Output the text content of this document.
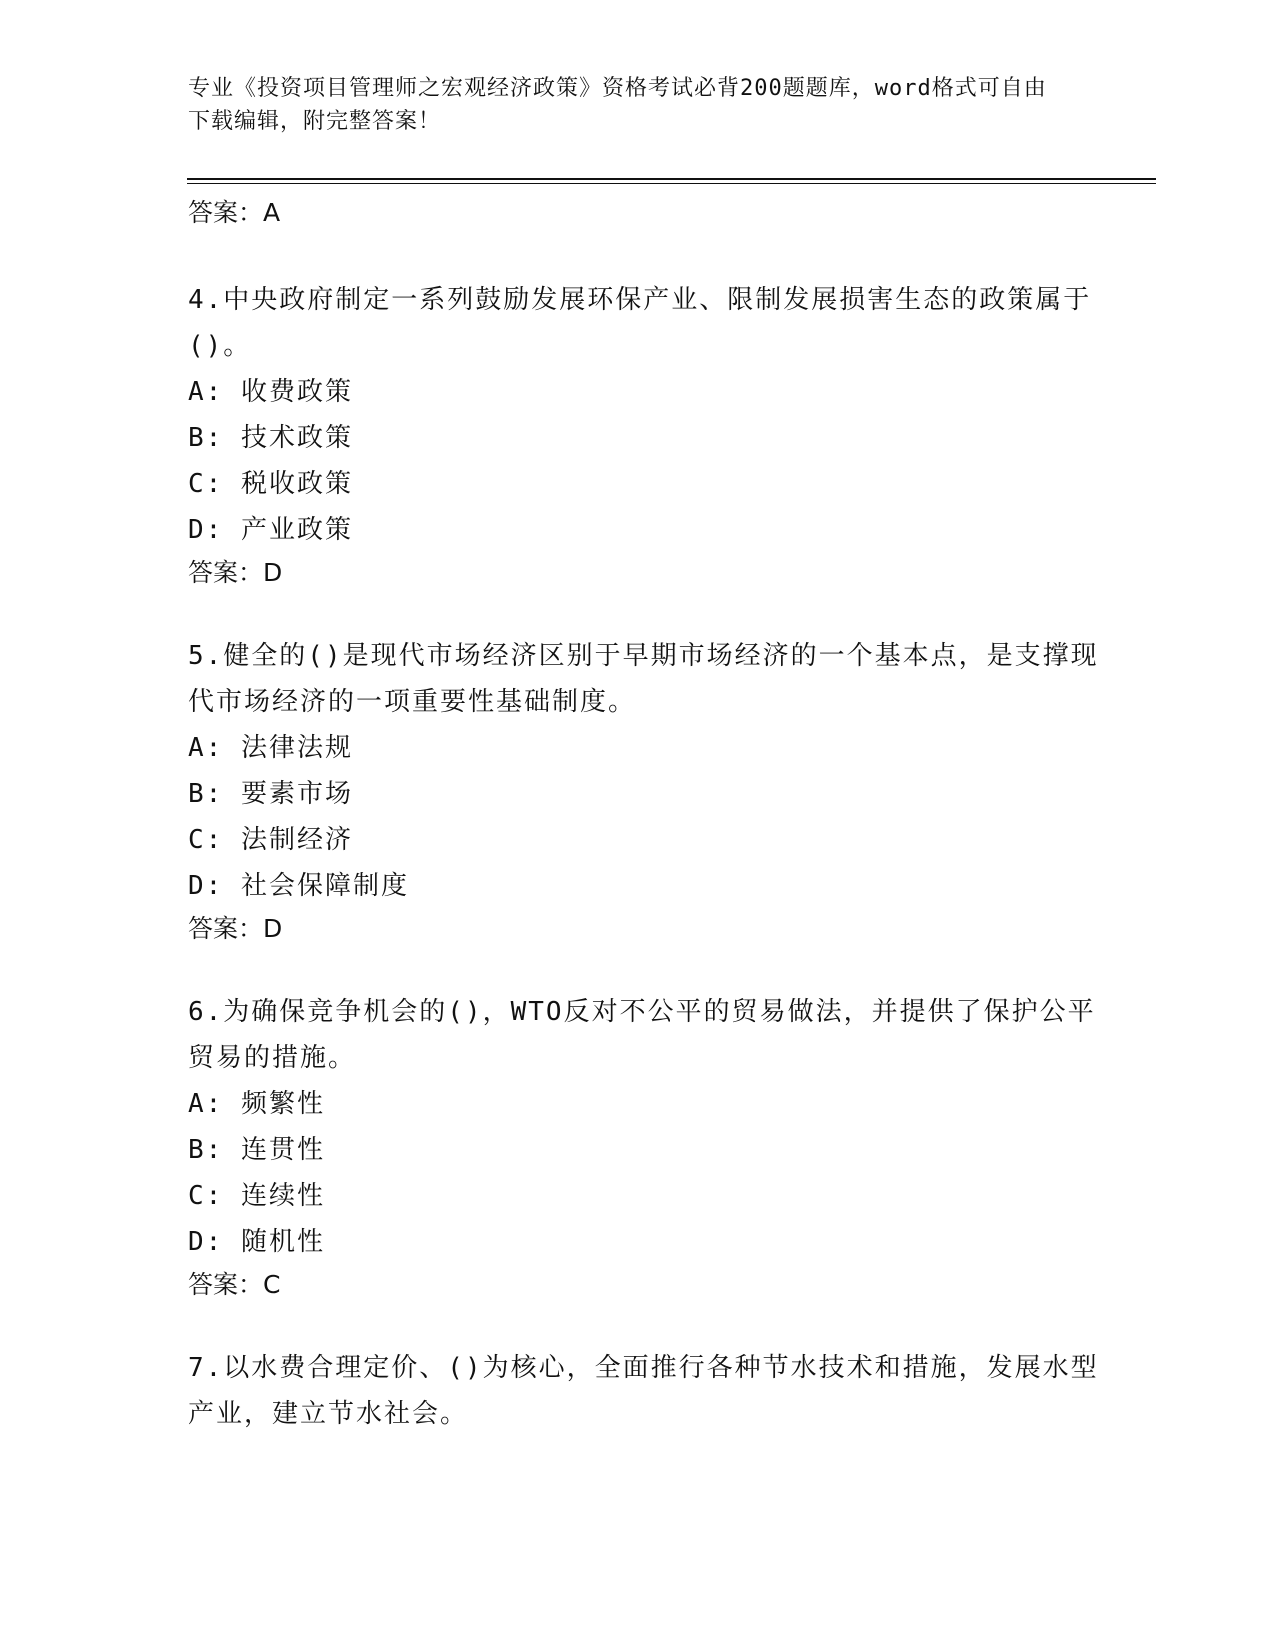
专业《投资项目管理师之宏观经济政策》资格考试必背200题题库，word格式可自由下载编辑，附完整答案！
答案：A

4.中央政府制定一系列鼓励发展环保产业、限制发展损害生态的政策属于()。

A: 收费政策
B: 技术政策
C: 税收政策
D: 产业政策
答案：D

5.健全的()是现代市场经济区别于早期市场经济的一个基本点，是支撑现代市场经济的一项重要性基础制度。

A: 法律法规
B: 要素市场
C: 法制经济
D: 社会保障制度
答案：D

6.为确保竞争机会的()，WTO反对不公平的贸易做法，并提供了保护公平贸易的措施。

A: 频繁性
B: 连贯性
C: 连续性
D: 随机性
答案：C

7.以水费合理定价、()为核心，全面推行各种节水技术和措施，发展水型产业，建立节水社会。
